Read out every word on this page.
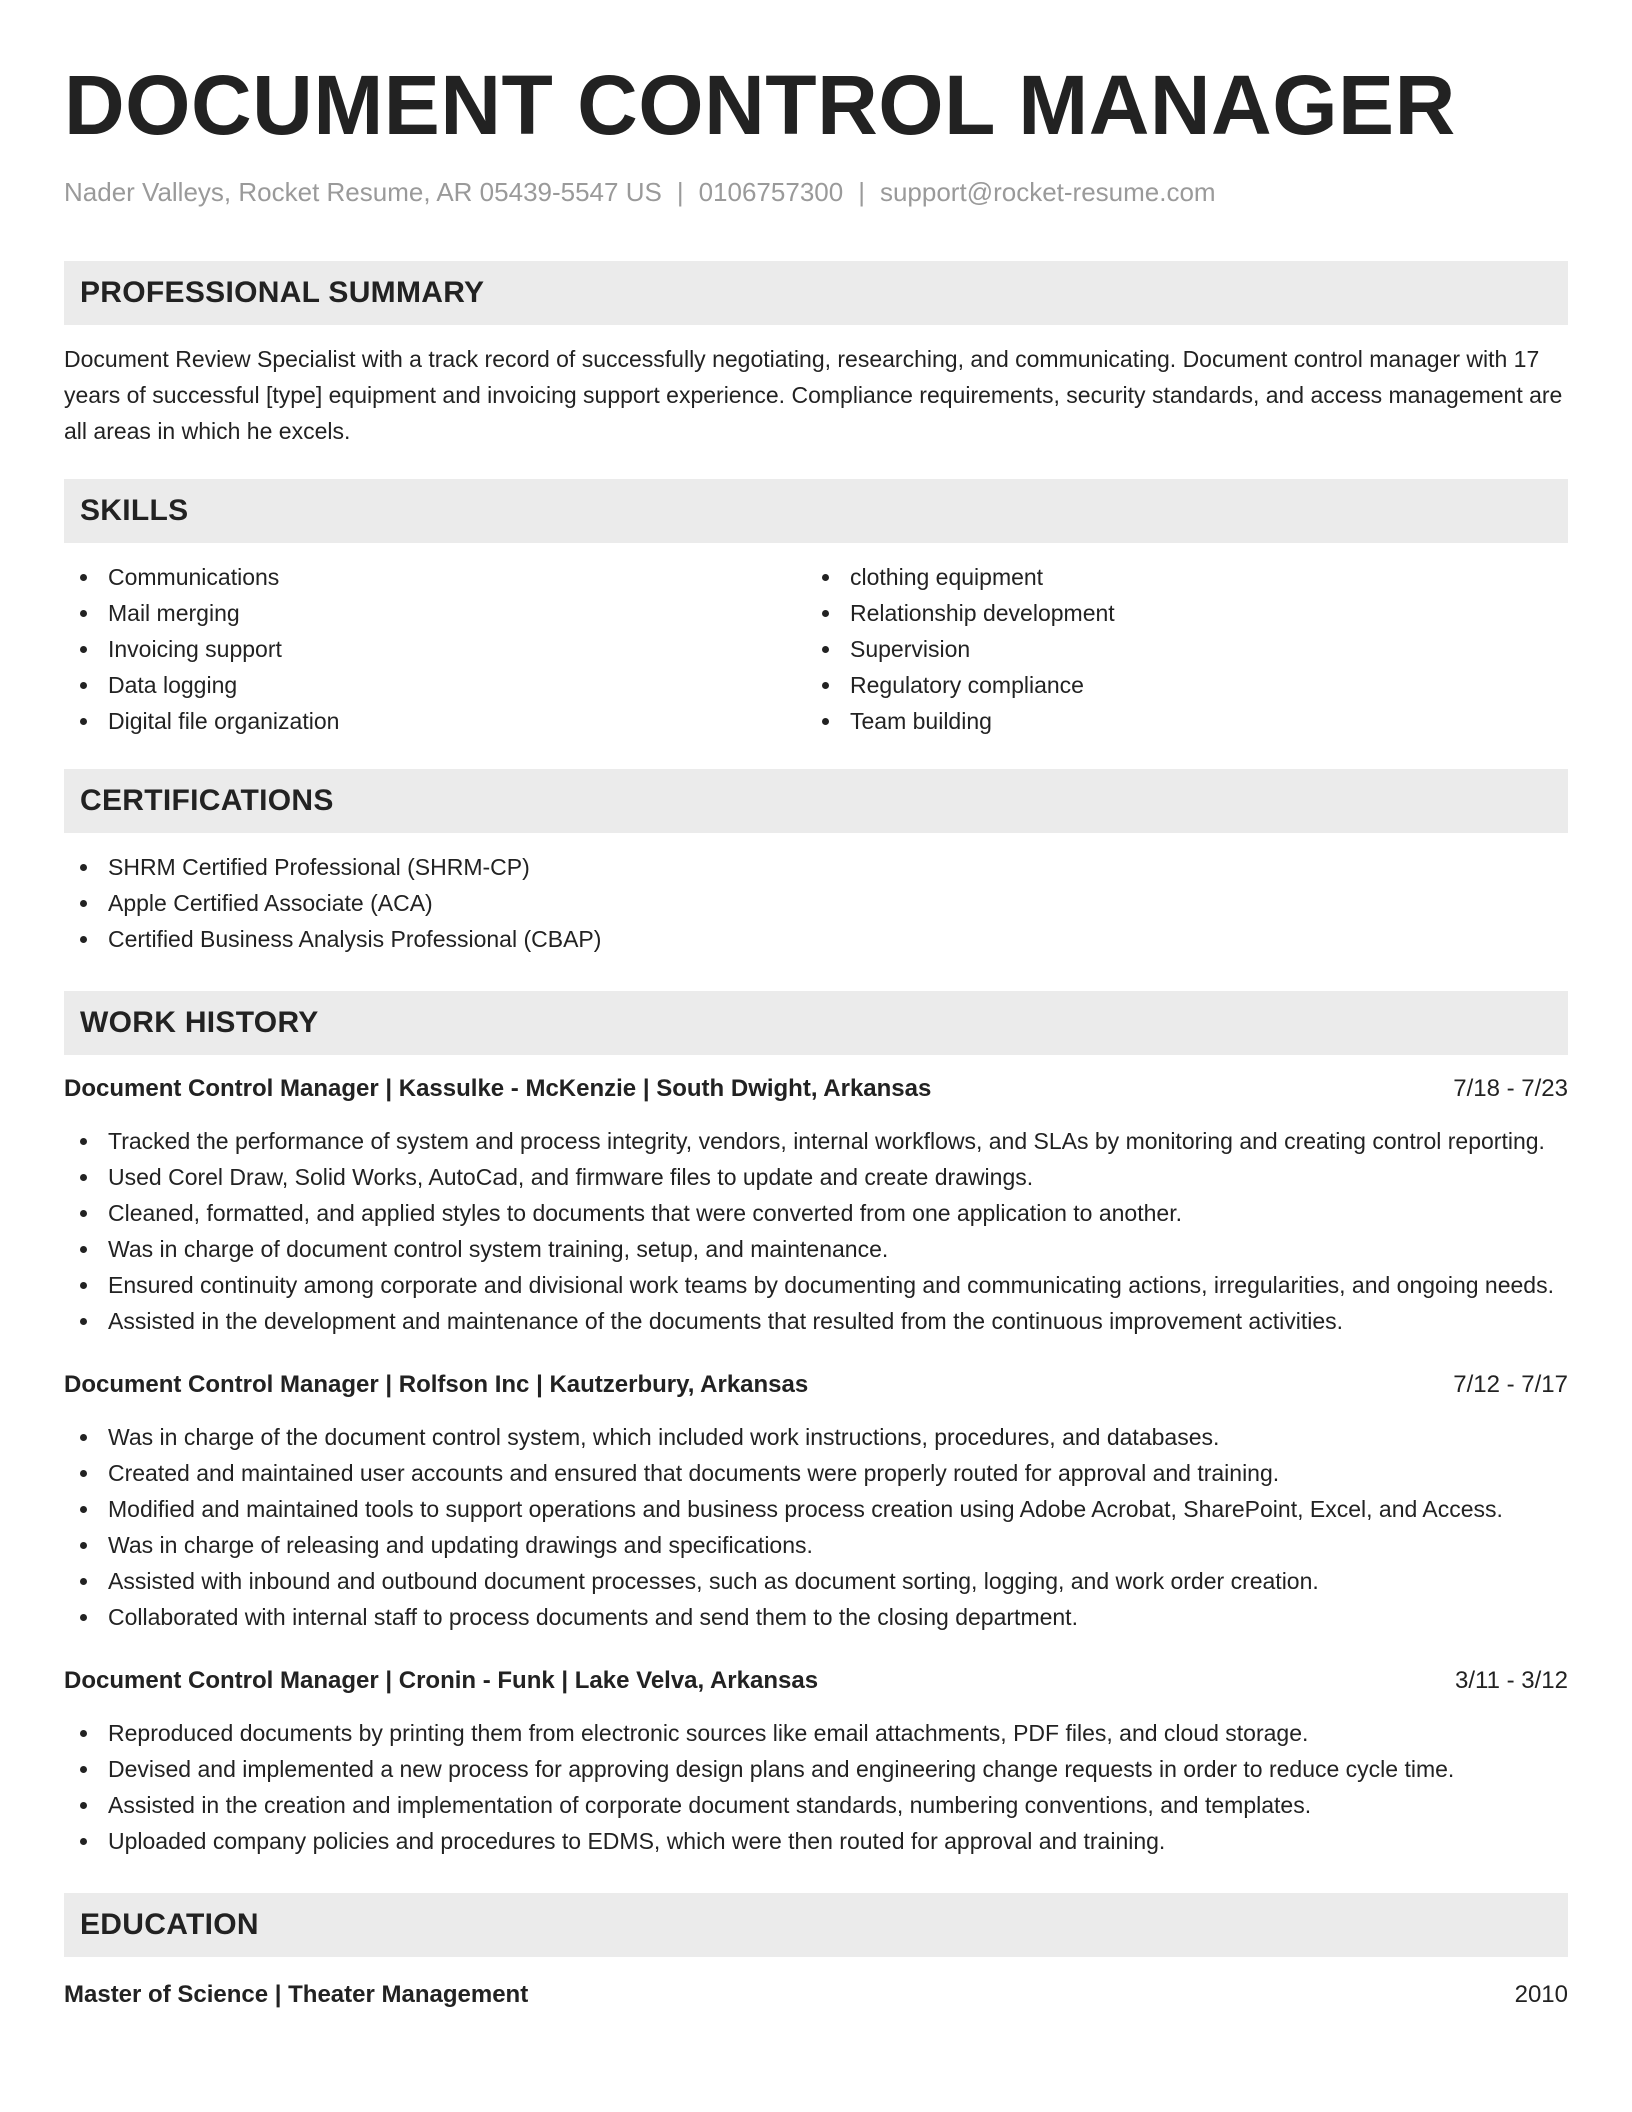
DOCUMENT CONTROL MANAGER
Nader Valleys, Rocket Resume, AR 05439-5547 US | 0106757300 | support@rocket-resume.com
PROFESSIONAL SUMMARY

Document Review Specialist with a track record of successfully negotiating, researching, and communicating. Document control manager with 17 years of successful [type] equipment and invoicing support experience. Compliance requirements, security standards, and access management are all areas in which he excels.

SKILLS
Communications
Mail merging
Invoicing support
Data logging
Digital file organization
clothing equipment
Relationship development
Supervision
Regulatory compliance
Team building
CERTIFICATIONS
SHRM Certified Professional (SHRM-CP)
Apple Certified Associate (ACA)
Certified Business Analysis Professional (CBAP)
WORK HISTORY
Document Control Manager | Kassulke - McKenzie | South Dwight, Arkansas	7/18 - 7/23
Tracked the performance of system and process integrity, vendors, internal workflows, and SLAs by monitoring and creating control reporting.
Used Corel Draw, Solid Works, AutoCad, and firmware files to update and create drawings.
Cleaned, formatted, and applied styles to documents that were converted from one application to another.
Was in charge of document control system training, setup, and maintenance.
Ensured continuity among corporate and divisional work teams by documenting and communicating actions, irregularities, and ongoing needs.
Assisted in the development and maintenance of the documents that resulted from the continuous improvement activities.
Document Control Manager | Rolfson Inc | Kautzerbury, Arkansas	7/12 - 7/17
Was in charge of the document control system, which included work instructions, procedures, and databases.
Created and maintained user accounts and ensured that documents were properly routed for approval and training.
Modified and maintained tools to support operations and business process creation using Adobe Acrobat, SharePoint, Excel, and Access.
Was in charge of releasing and updating drawings and specifications.
Assisted with inbound and outbound document processes, such as document sorting, logging, and work order creation.
Collaborated with internal staff to process documents and send them to the closing department.
Document Control Manager | Cronin - Funk | Lake Velva, Arkansas	3/11 - 3/12
Reproduced documents by printing them from electronic sources like email attachments, PDF files, and cloud storage.
Devised and implemented a new process for approving design plans and engineering change requests in order to reduce cycle time.
Assisted in the creation and implementation of corporate document standards, numbering conventions, and templates.
Uploaded company policies and procedures to EDMS, which were then routed for approval and training.
EDUCATION
Master of Science | Theater Management	2010
